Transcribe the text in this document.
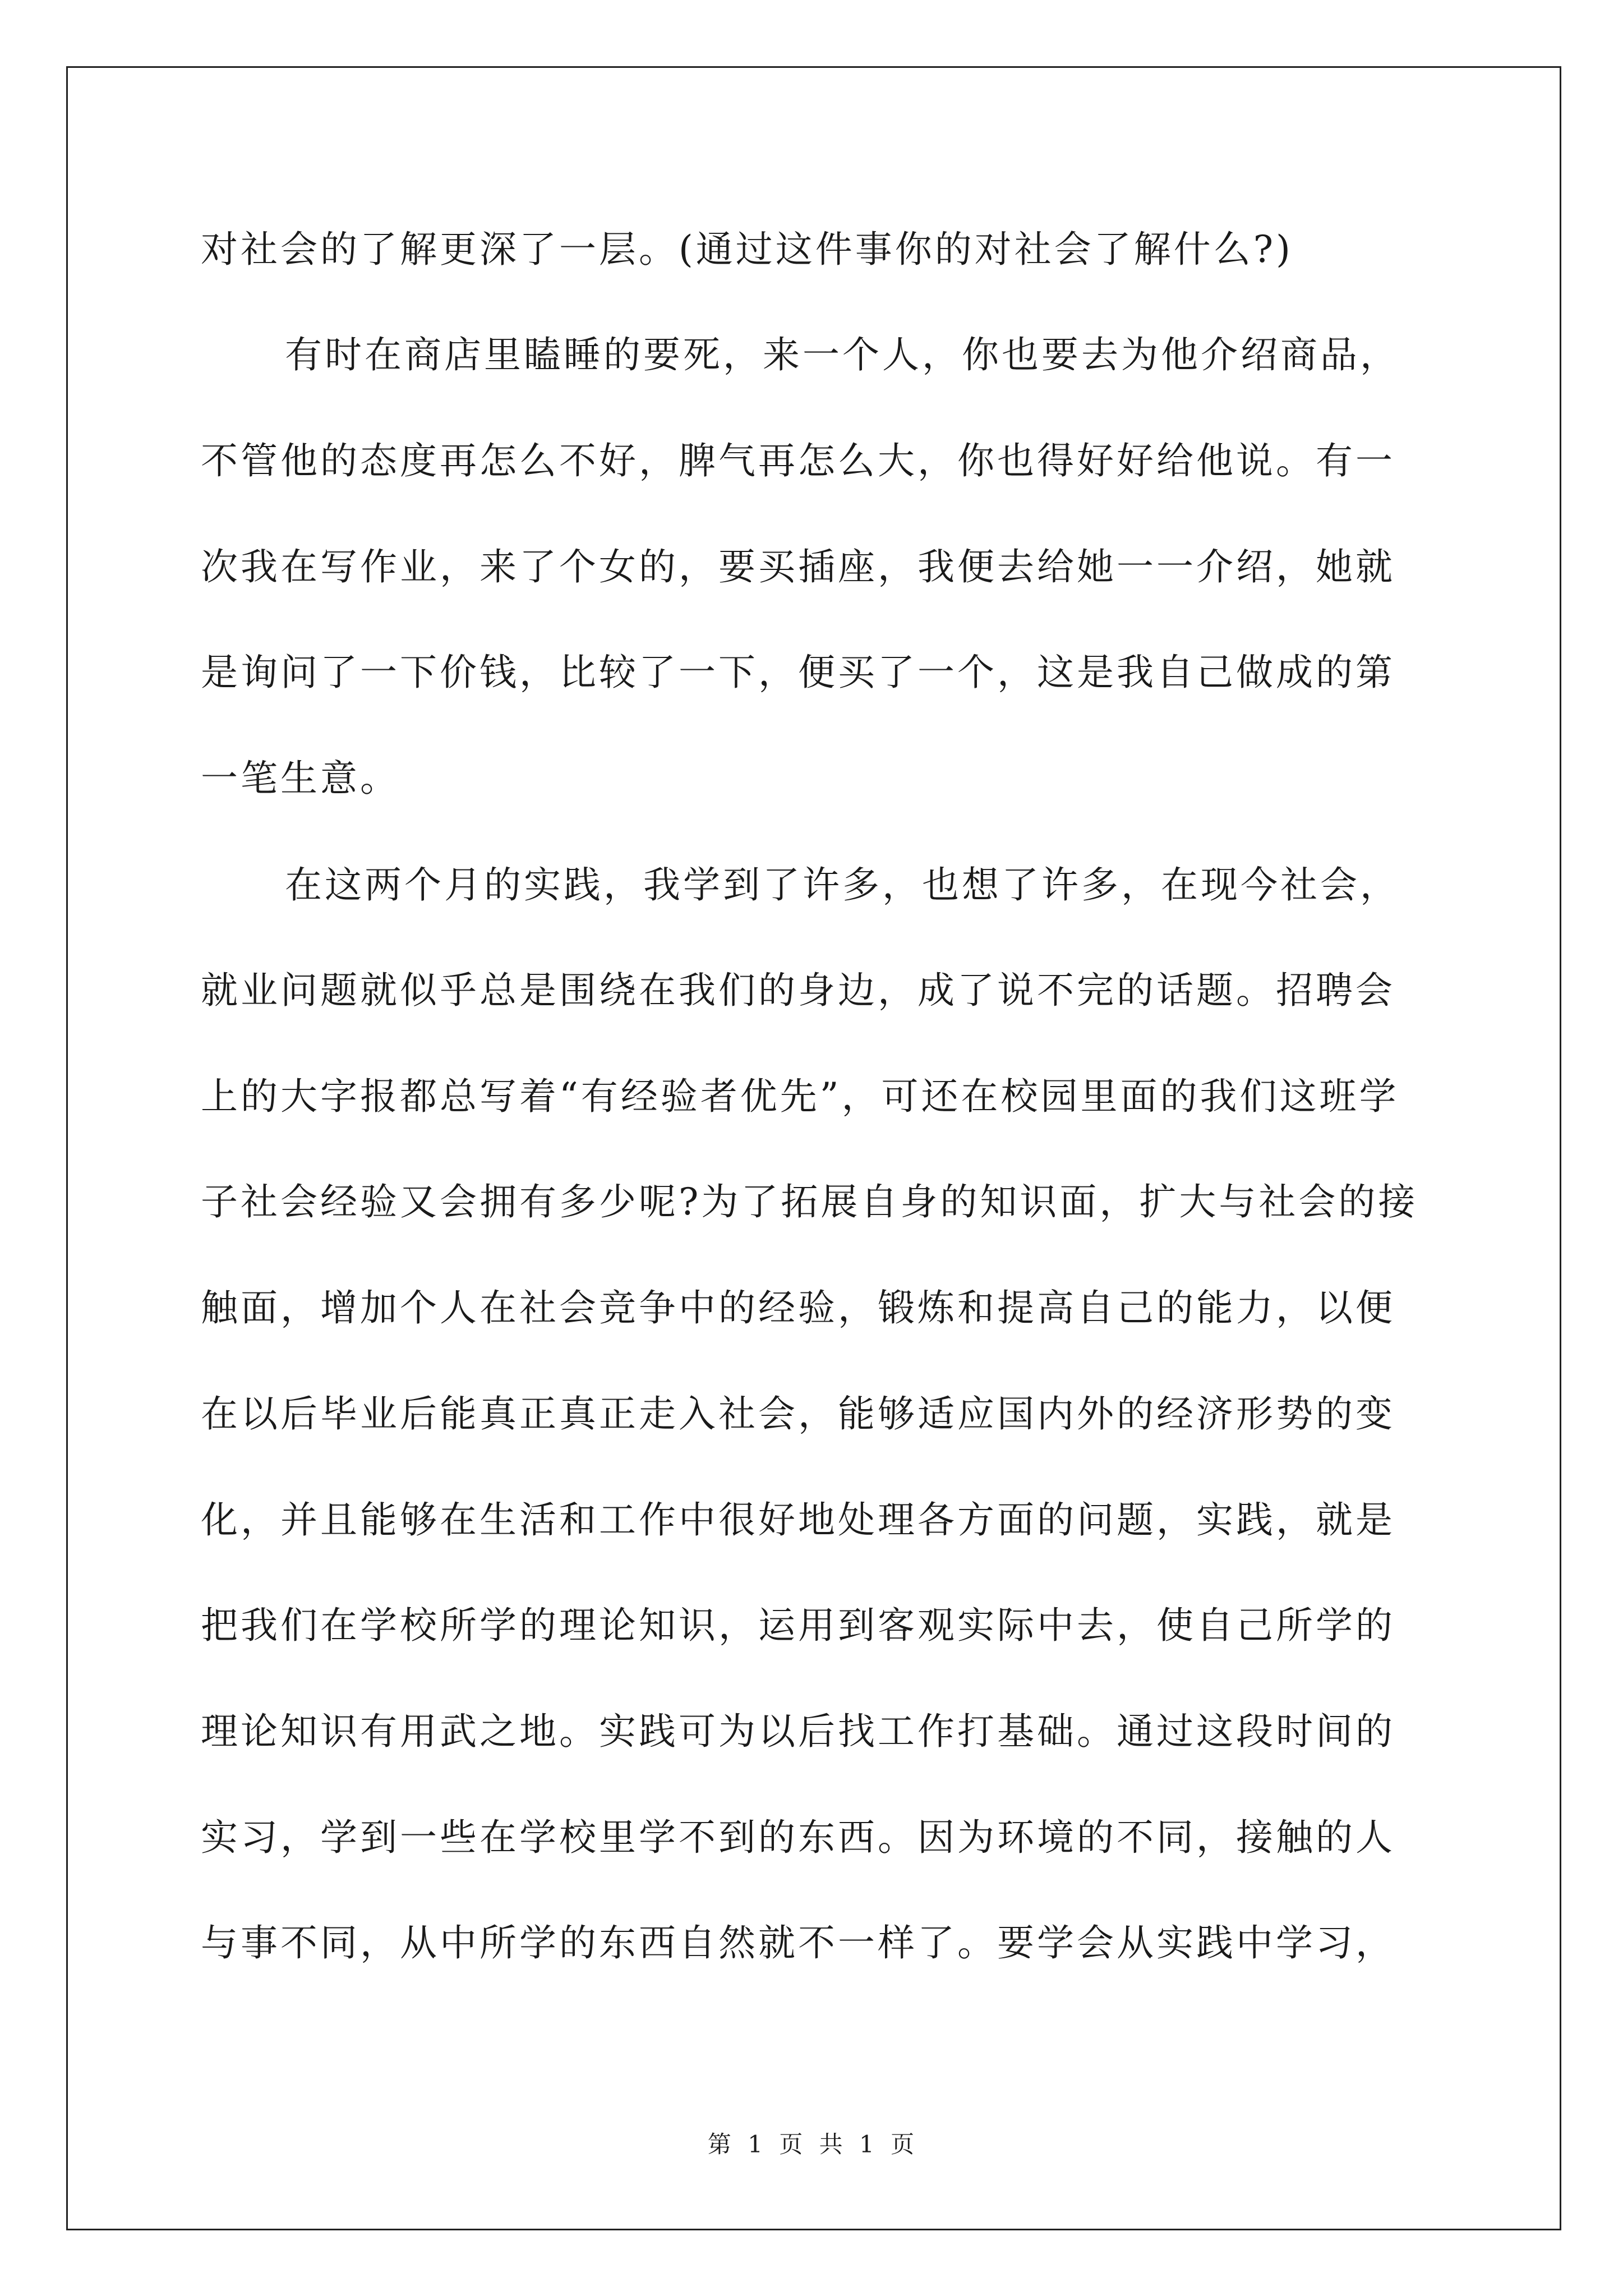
对社会的了解更深了一层。(通过这件事你的对社会了解什么?)
有时在商店里瞌睡的要死，来一个人，你也要去为他介绍商品，
不管他的态度再怎么不好，脾气再怎么大，你也得好好给他说。有一
次我在写作业，来了个女的，要买插座，我便去给她一一介绍，她就
是询问了一下价钱，比较了一下，便买了一个，这是我自己做成的第
一笔生意。
在这两个月的实践，我学到了许多，也想了许多，在现今社会，
就业问题就似乎总是围绕在我们的身边，成了说不完的话题。招聘会
上的大字报都总写着“有经验者优先”，可还在校园里面的我们这班学
子社会经验又会拥有多少呢?为了拓展自身的知识面，扩大与社会的接
触面，增加个人在社会竞争中的经验，锻炼和提高自己的能力，以便
在以后毕业后能真正真正走入社会，能够适应国内外的经济形势的变
化，并且能够在生活和工作中很好地处理各方面的问题，实践，就是
把我们在学校所学的理论知识，运用到客观实际中去，使自己所学的
理论知识有用武之地。实践可为以后找工作打基础。通过这段时间的
实习，学到一些在学校里学不到的东西。因为环境的不同，接触的人
与事不同，从中所学的东西自然就不一样了。要学会从实践中学习，
第 1 页 共 1 页
